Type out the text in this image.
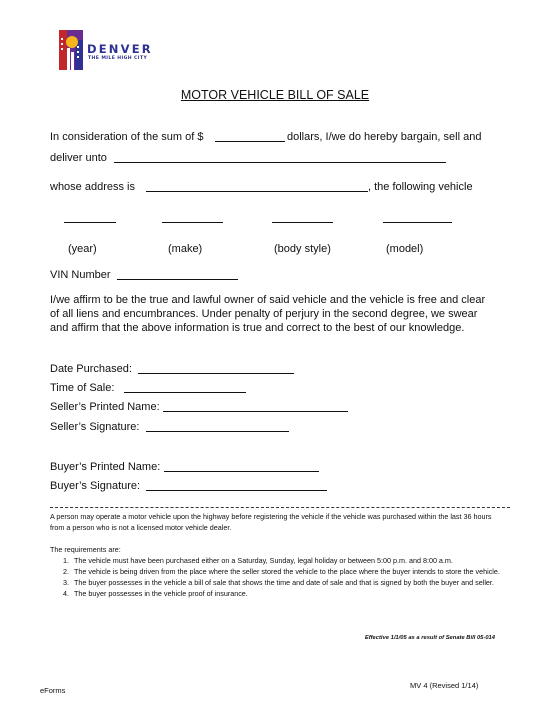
DENVER
THE MILE HIGH CITY
MOTOR VEHICLE BILL OF SALE
In consideration of the sum of $	dollars, I/we do hereby bargain, sell and
deliver unto
whose address is	, the following vehicle
(year)	(make)	(body style)	(model)
VIN Number
I/we affirm to be the true and lawful owner of said vehicle and the vehicle is free and clear of all liens and encumbrances. Under penalty of perjury in the second degree, we swear and affirm that the above information is true and correct to the best of our knowledge.
Date Purchased:
Time of Sale:
Seller’s Printed Name:
Seller’s Signature:
Buyer’s Printed Name:
Buyer’s Signature:
A person may operate a motor vehicle upon the highway before registering the vehicle if the vehicle was purchased within the last 36 hours from a person who is not a licensed motor vehicle dealer.
The requirements are:
1. The vehicle must have been purchased either on a Saturday, Sunday, legal holiday or between 5:00 p.m. and 8:00 a.m.
2. The vehicle is being driven from the place where the seller stored the vehicle to the place where the buyer intends to store the vehicle.
3. The buyer possesses in the vehicle a bill of sale that shows the time and date of sale and that is signed by both the buyer and seller.
4. The buyer possesses in the vehicle proof of insurance.
Effective 1/1/05 as a result of Senate Bill 05-014
eForms
MV 4 (Revised 1/14)
